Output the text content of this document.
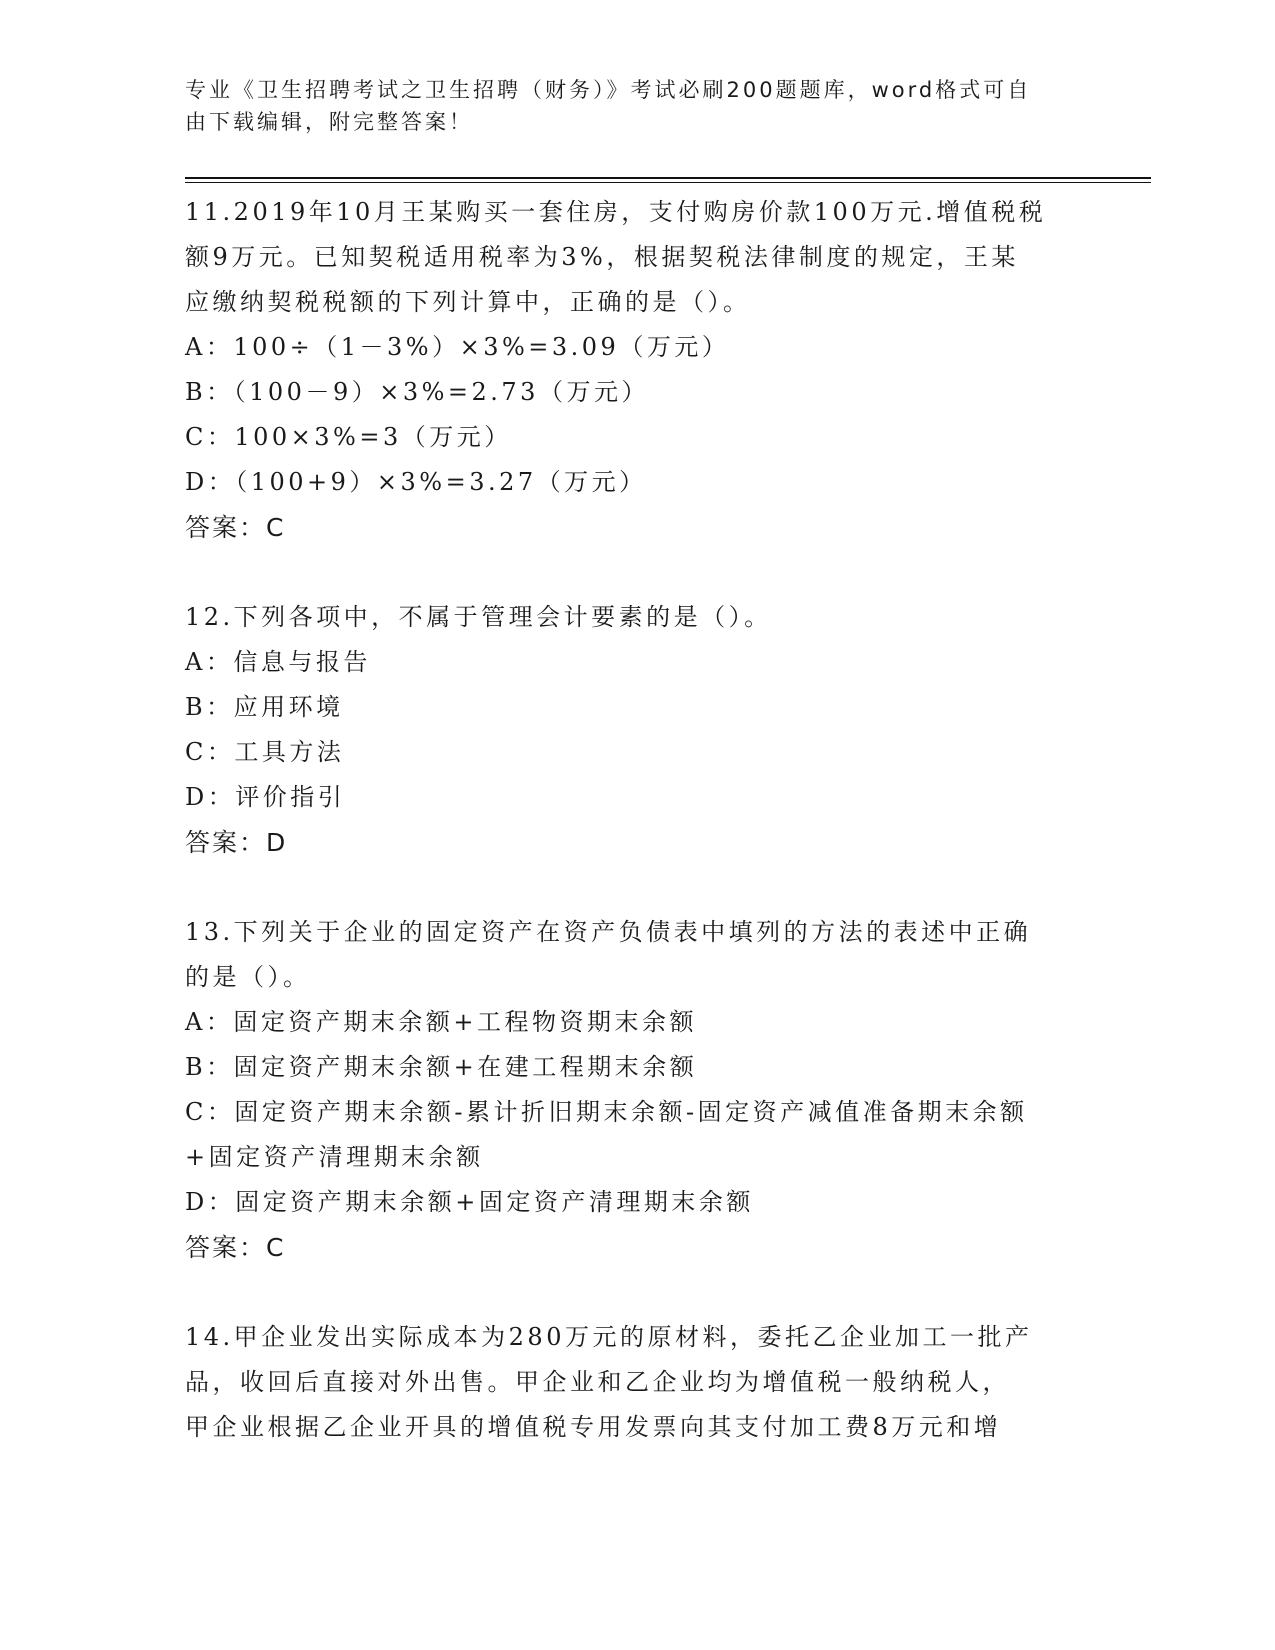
专业《卫生招聘考试之卫生招聘（财务）》考试必刷200题题库，word格式可自
由下载编辑，附完整答案！
11.2019年10月王某购买一套住房，支付购房价款100万元.增值税税
额9万元。已知契税适用税率为3%，根据契税法律制度的规定，王某
应缴纳契税税额的下列计算中，正确的是（）。
A：100÷（1－3%）×3%=3.09（万元）
B：（100－9）×3%=2.73（万元）
C：100×3%=3（万元）
D：（100+9）×3%=3.27（万元）
答案：C
12.下列各项中，不属于管理会计要素的是（）。
A：信息与报告
B：应用环境
C：工具方法
D：评价指引
答案：D
13.下列关于企业的固定资产在资产负债表中填列的方法的表述中正确
的是（）。
A：固定资产期末余额+工程物资期末余额
B：固定资产期末余额+在建工程期末余额
C：固定资产期末余额-累计折旧期末余额-固定资产减值准备期末余额
+固定资产清理期末余额
D：固定资产期末余额+固定资产清理期末余额
答案：C
14.甲企业发出实际成本为280万元的原材料，委托乙企业加工一批产
品，收回后直接对外出售。甲企业和乙企业均为增值税一般纳税人，
甲企业根据乙企业开具的增值税专用发票向其支付加工费8万元和增
